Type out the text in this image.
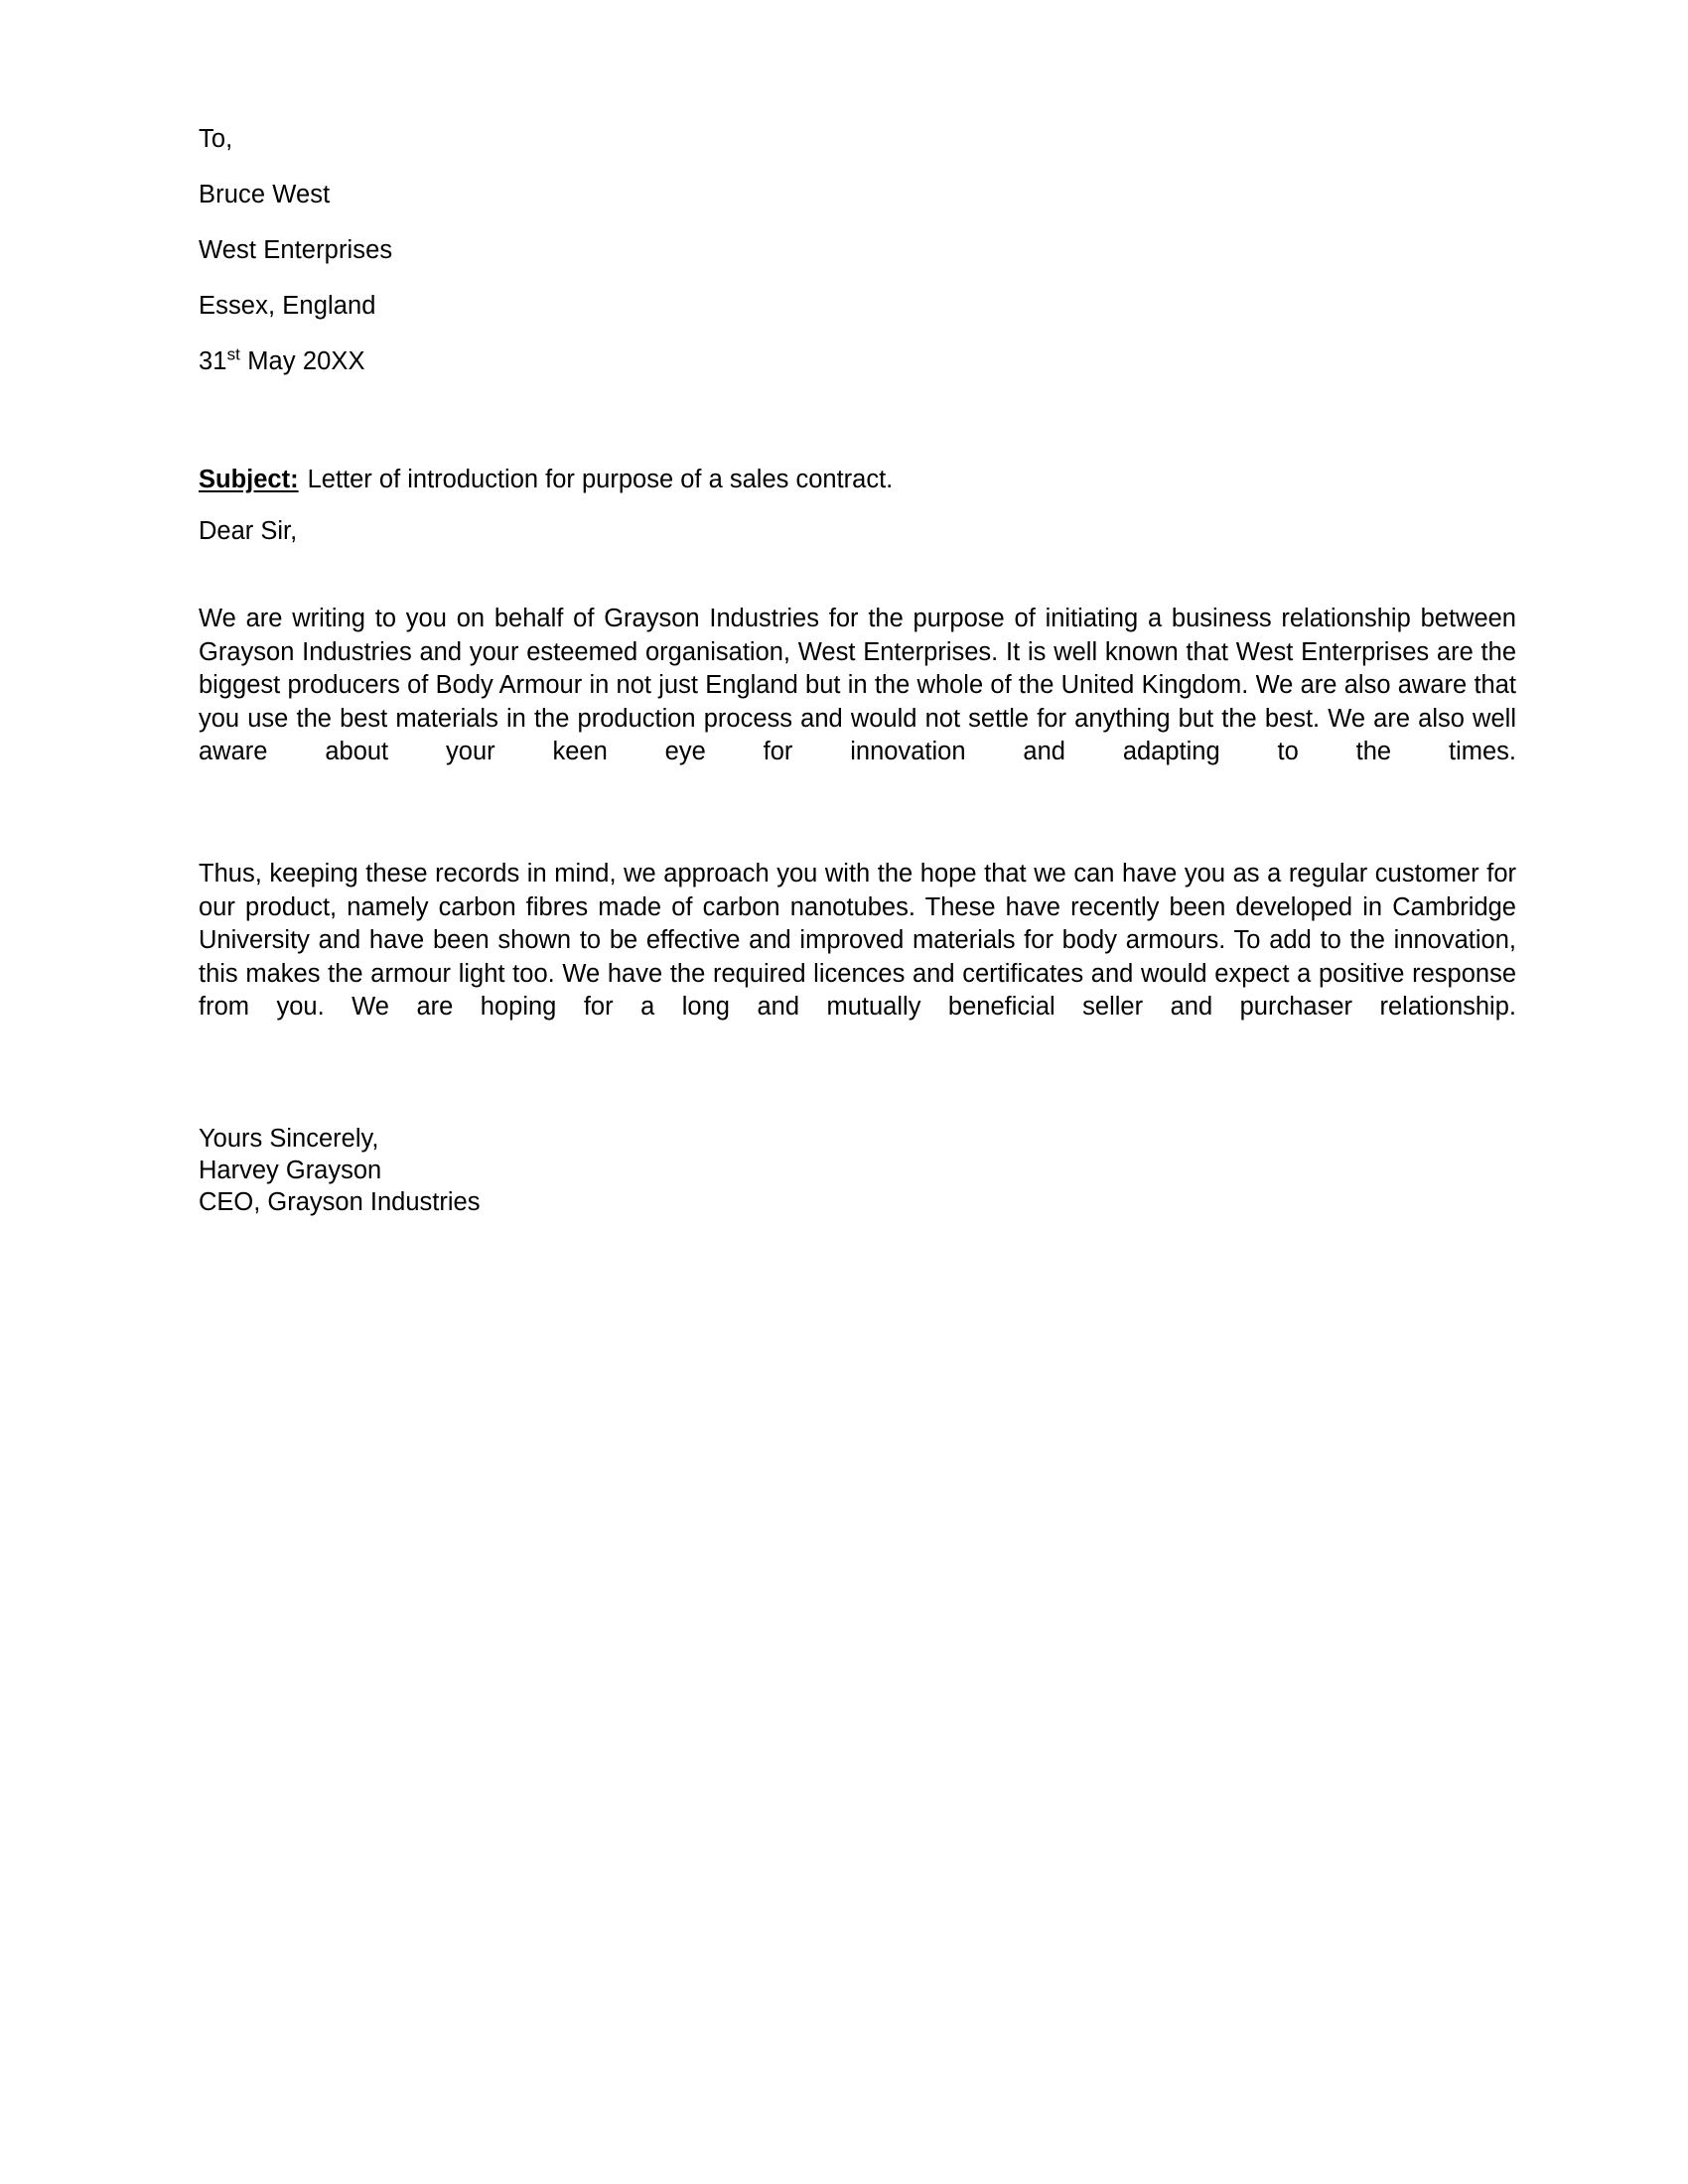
To,
Bruce West
West Enterprises
Essex, England
31st May 20XX
Subject: Letter of introduction for purpose of a sales contract.
Dear Sir,

We are writing to you on behalf of Grayson Industries for the purpose of initiating a business relationship between Grayson Industries and your esteemed organisation, West Enterprises. It is well known that West Enterprises are the biggest producers of Body Armour in not just England but in the whole of the United Kingdom. We are also aware that you use the best materials in the production process and would not settle for anything but the best. We are also well aware about your keen eye for innovation and adapting to the times.

Thus, keeping these records in mind, we approach you with the hope that we can have you as a regular customer for our product, namely carbon fibres made of carbon nanotubes. These have recently been developed in Cambridge University and have been shown to be effective and improved materials for body armours. To add to the innovation, this makes the armour light too. We have the required licences and certificates and would expect a positive response from you. We are hoping for a long and mutually beneficial seller and purchaser relationship.

Yours Sincerely,
Harvey Grayson
CEO, Grayson Industries
